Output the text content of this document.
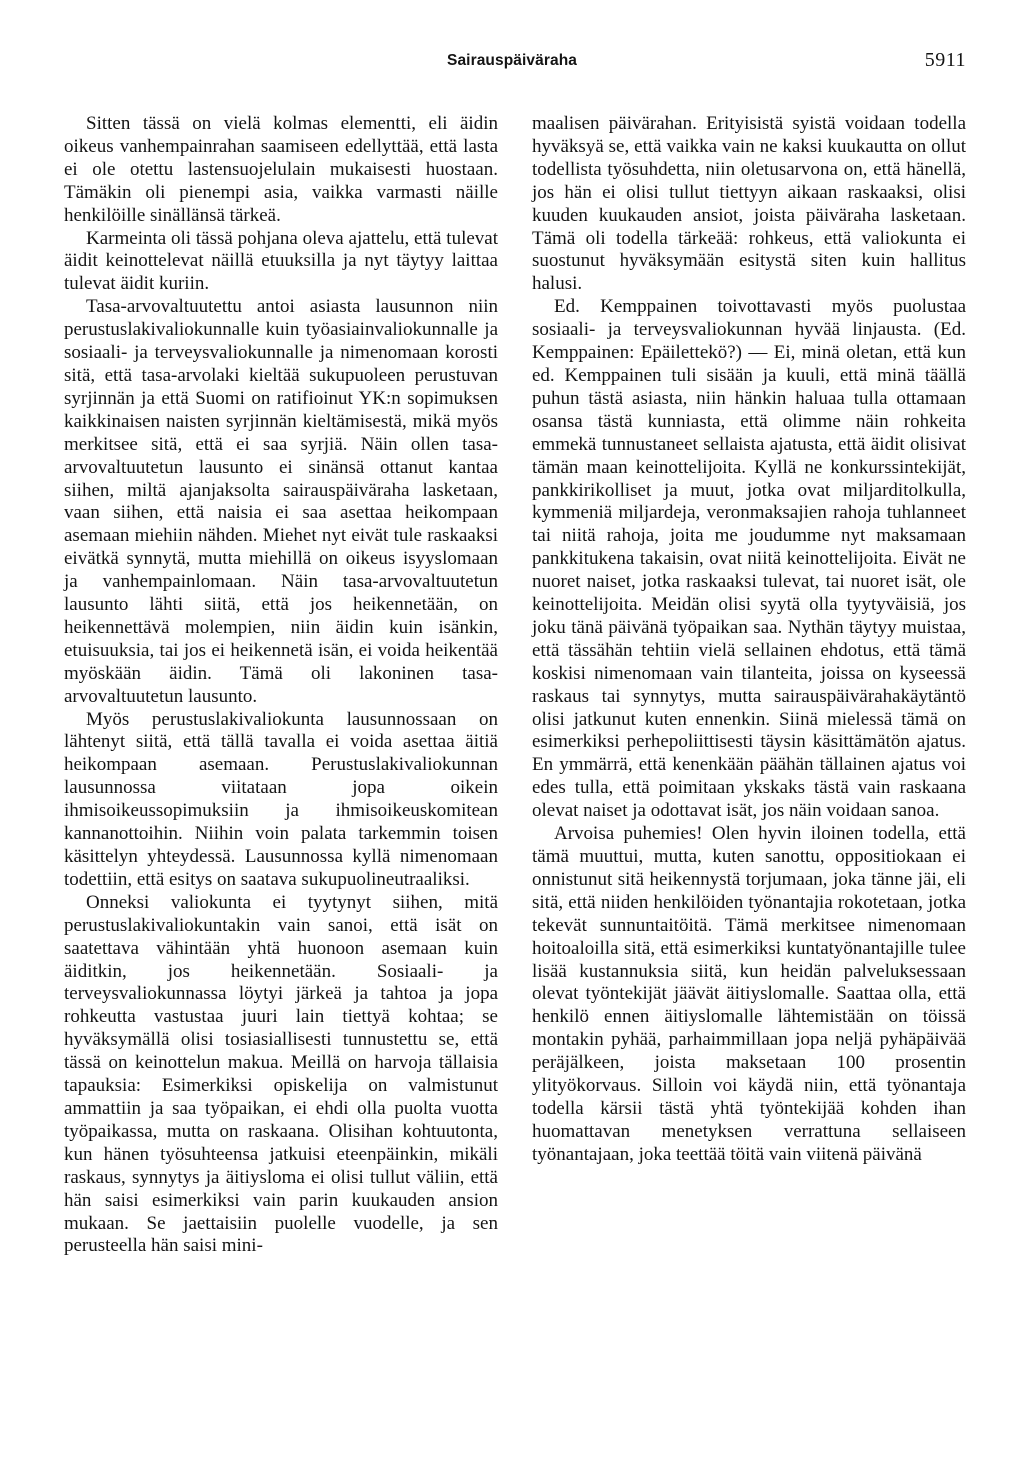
Sairauspäiväraha	5911

Sitten tässä on vielä kolmas elementti, eli äidin oikeus vanhempainrahan saamiseen edellyttää, että lasta ei ole otettu lastensuojelulain mukaisesti huostaan. Tämäkin oli pienempi asia, vaikka varmasti näille henkilöille sinällänsä tärkeä.

Karmeinta oli tässä pohjana oleva ajattelu, että tulevat äidit keinottelevat näillä etuuksilla ja nyt täytyy laittaa tulevat äidit kuriin.

Tasa-arvovaltuutettu antoi asiasta lausunnon niin perustuslakivaliokunnalle kuin työasiainvaliokunnalle ja sosiaali- ja terveysvaliokunnalle ja nimenomaan korosti sitä, että tasa-arvolaki kieltää sukupuoleen perustuvan syrjinnän ja että Suomi on ratifioinut YK:n sopimuksen kaikkinaisen naisten syrjinnän kieltämisestä, mikä myös merkitsee sitä, että ei saa syrjiä. Näin ollen tasa-arvovaltuutetun lausunto ei sinänsä ottanut kantaa siihen, miltä ajanjaksolta sairauspäiväraha lasketaan, vaan siihen, että naisia ei saa asettaa heikompaan asemaan miehiin nähden. Miehet nyt eivät tule raskaaksi eivätkä synnytä, mutta miehillä on oikeus isyyslomaan ja vanhempainlomaan. Näin tasa-arvovaltuutetun lausunto lähti siitä, että jos heikennetään, on heikennettävä molempien, niin äidin kuin isänkin, etuisuuksia, tai jos ei heikennetä isän, ei voida heikentää myöskään äidin. Tämä oli lakoninen tasa-arvovaltuutetun lausunto.

Myös perustuslakivaliokunta lausunnossaan on lähtenyt siitä, että tällä tavalla ei voida asettaa äitiä heikompaan asemaan. Perustuslakivaliokunnan lausunnossa viitataan jopa oikein ihmisoikeussopimuksiin ja ihmisoikeuskomitean kannanottoihin. Niihin voin palata tarkemmin toisen käsittelyn yhteydessä. Lausunnossa kyllä nimenomaan todettiin, että esitys on saatava sukupuolineutraaliksi.

Onneksi valiokunta ei tyytynyt siihen, mitä perustuslakivaliokuntakin vain sanoi, että isät on saatettava vähintään yhtä huonoon asemaan kuin äiditkin, jos heikennetään. Sosiaali- ja terveysvaliokunnassa löytyi järkeä ja tahtoa ja jopa rohkeutta vastustaa juuri lain tiettyä kohtaa; se hyväksymällä olisi tosiasiallisesti tunnustettu se, että tässä on keinottelun makua. Meillä on harvoja tällaisia tapauksia: Esimerkiksi opiskelija on valmistunut ammattiin ja saa työpaikan, ei ehdi olla puolta vuotta työpaikassa, mutta on raskaana. Olisihan kohtuutonta, kun hänen työsuhteensa jatkuisi eteenpäinkin, mikäli raskaus, synnytys ja äitiysloma ei olisi tullut väliin, että hän saisi esimerkiksi vain parin kuukauden ansion mukaan. Se jaettaisiin puolelle vuodelle, ja sen perusteella hän saisi mini-

maalisen päivärahan. Erityisistä syistä voidaan todella hyväksyä se, että vaikka vain ne kaksi kuukautta on ollut todellista työsuhdetta, niin oletusarvona on, että hänellä, jos hän ei olisi tullut tiettyyn aikaan raskaaksi, olisi kuuden kuukauden ansiot, joista päiväraha lasketaan. Tämä oli todella tärkeää: rohkeus, että valiokunta ei suostunut hyväksymään esitystä siten kuin hallitus halusi.

Ed. Kemppainen toivottavasti myös puolustaa sosiaali- ja terveysvaliokunnan hyvää linjausta. (Ed. Kemppainen: Epäilettekö?) — Ei, minä oletan, että kun ed. Kemppainen tuli sisään ja kuuli, että minä täällä puhun tästä asiasta, niin hänkin haluaa tulla ottamaan osansa tästä kunniasta, että olimme näin rohkeita emmekä tunnustaneet sellaista ajatusta, että äidit olisivat tämän maan keinottelijoita. Kyllä ne konkurssintekijät, pankkirikolliset ja muut, jotka ovat miljarditolkulla, kymmeniä miljardeja, veronmaksajien rahoja tuhlanneet tai niitä rahoja, joita me joudumme nyt maksamaan pankkitukena takaisin, ovat niitä keinottelijoita. Eivät ne nuoret naiset, jotka raskaaksi tulevat, tai nuoret isät, ole keinottelijoita. Meidän olisi syytä olla tyytyväisiä, jos joku tänä päivänä työpaikan saa. Nythän täytyy muistaa, että tässähän tehtiin vielä sellainen ehdotus, että tämä koskisi nimenomaan vain tilanteita, joissa on kyseessä raskaus tai synnytys, mutta sairauspäivärahakäytäntö olisi jatkunut kuten ennenkin. Siinä mielessä tämä on esimerkiksi perhepoliittisesti täysin käsittämätön ajatus. En ymmärrä, että kenenkään päähän tällainen ajatus voi edes tulla, että poimitaan ykskaks tästä vain raskaana olevat naiset ja odottavat isät, jos näin voidaan sanoa.

Arvoisa puhemies! Olen hyvin iloinen todella, että tämä muuttui, mutta, kuten sanottu, oppositiokaan ei onnistunut sitä heikennystä torjumaan, joka tänne jäi, eli sitä, että niiden henkilöiden työnantajia rokotetaan, jotka tekevät sunnuntaitöitä. Tämä merkitsee nimenomaan hoitoaloilla sitä, että esimerkiksi kuntatyönantajille tulee lisää kustannuksia siitä, kun heidän palveluksessaan olevat työntekijät jäävät äitiyslomalle. Saattaa olla, että henkilö ennen äitiyslomalle lähtemistään on töissä montakin pyhää, parhaimmillaan jopa neljä pyhäpäivää peräjälkeen, joista maksetaan 100 prosentin ylityökorvaus. Silloin voi käydä niin, että työnantaja todella kärsii tästä yhtä työntekijää kohden ihan huomattavan menetyksen verrattuna sellaiseen työnantajaan, joka teettää töitä vain viitenä päivänä
